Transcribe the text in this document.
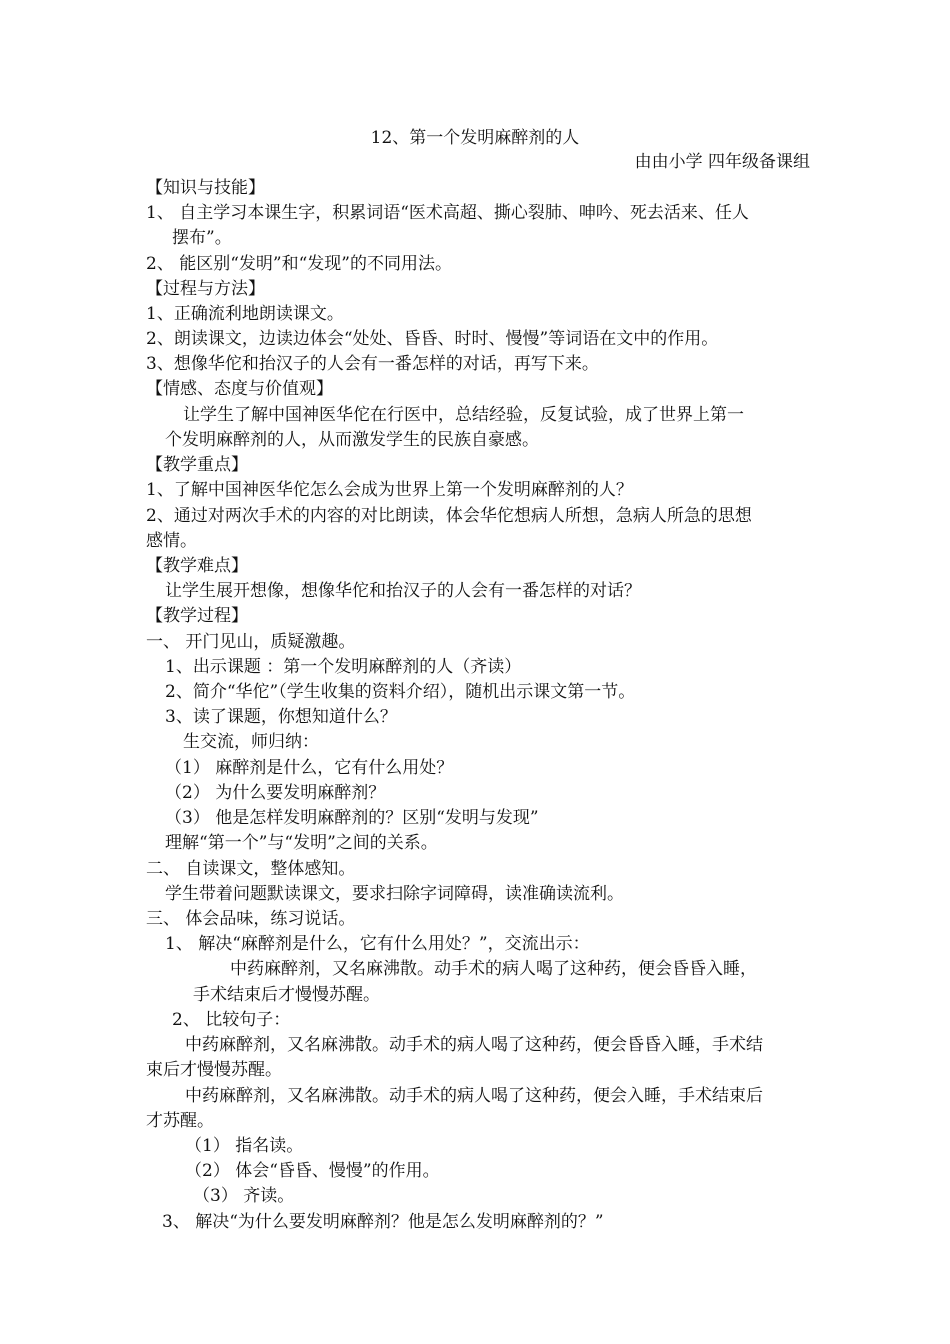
12、第一个发明麻醉剂的人
由由小学 四年级备课组
【知识与技能】
1、 自主学习本课生字，积累词语“医术高超、撕心裂肺、呻吟、死去活来、任人
摆布”。
2、 能区别“发明”和“发现”的不同用法。
【过程与方法】
1、正确流利地朗读课文。
2、朗读课文，边读边体会“处处、昏昏、时时、慢慢”等词语在文中的作用。
3、想像华佗和抬汉子的人会有一番怎样的对话，再写下来。
【情感、态度与价值观】
让学生了解中国神医华佗在行医中，总结经验，反复试验，成了世界上第一
个发明麻醉剂的人，从而激发学生的民族自豪感。
【教学重点】
1、了解中国神医华佗怎么会成为世界上第一个发明麻醉剂的人？
2、通过对两次手术的内容的对比朗读，体会华佗想病人所想，急病人所急的思想
感情。
【教学难点】
让学生展开想像，想像华佗和抬汉子的人会有一番怎样的对话？
【教学过程】
一、 开门见山，质疑激趣。
1、出示课题 ：第一个发明麻醉剂的人（齐读）
2、简介“华佗”（学生收集的资料介绍），随机出示课文第一节。
3、读了课题，你想知道什么？
生交流，师归纳：
（1） 麻醉剂是什么，它有什么用处？
（2） 为什么要发明麻醉剂？
（3） 他是怎样发明麻醉剂的？区别“发明与发现”
理解“第一个”与“发明”之间的关系。
二、 自读课文，整体感知。
学生带着问题默读课文，要求扫除字词障碍，读准确读流利。
三、 体会品味，练习说话。
1、 解决“麻醉剂是什么，它有什么用处？”，交流出示：
中药麻醉剂，又名麻沸散。动手术的病人喝了这种药，便会昏昏入睡，
手术结束后才慢慢苏醒。
2、 比较句子：
中药麻醉剂，又名麻沸散。动手术的病人喝了这种药，便会昏昏入睡，手术结
束后才慢慢苏醒。
中药麻醉剂，又名麻沸散。动手术的病人喝了这种药，便会入睡，手术结束后
才苏醒。
（1） 指名读。
（2） 体会“昏昏、慢慢”的作用。
（3） 齐读。
3、 解决“为什么要发明麻醉剂？他是怎么发明麻醉剂的？”
